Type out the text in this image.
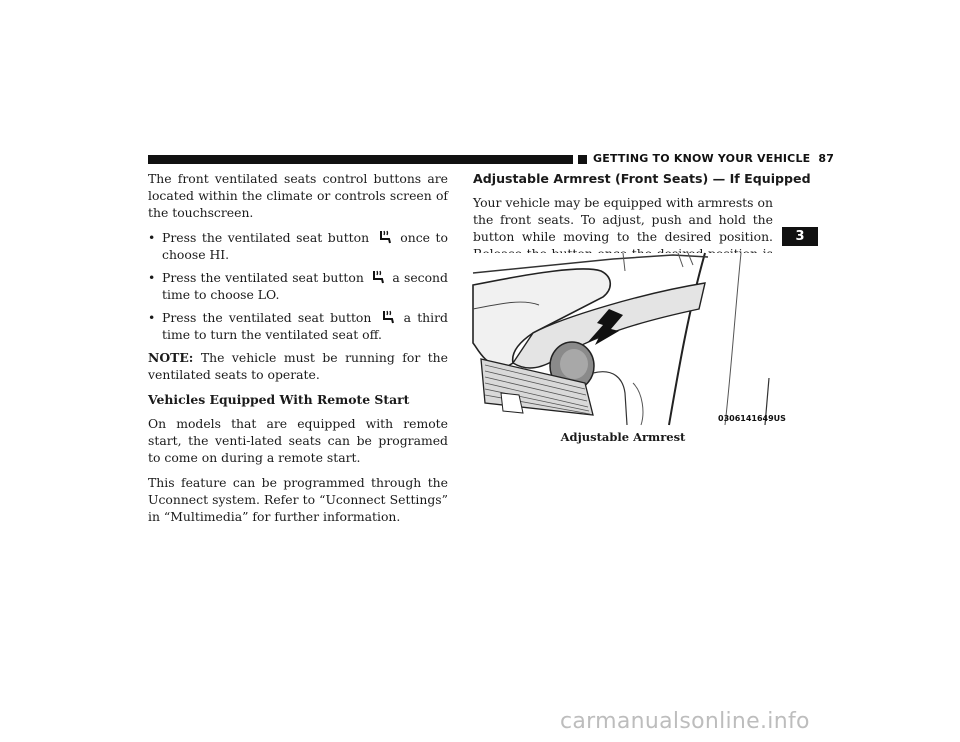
GETTING TO KNOW YOUR VEHICLE 87
3

The front ventilated seats control buttons are located within the climate or controls screen of the touchscreen.

• Press the ventilated seat button	once to choose HI.
• Press the ventilated seat button a second time to choose LO.
• Press the ventilated seat button	a third time to turn the ventilated seat off.

NOTE: The vehicle must be running for the ventilated seats to operate.

Vehicles Equipped With Remote Start

On models that are equipped with remote start, the venti-lated seats can be programed to come on during a remote start.

This feature can be programmed through the Uconnect system. Refer to “Uconnect Settings” in “Multimedia” for further information.

Adjustable Armrest (Front Seats) — If Equipped

Your vehicle may be equipped with armrests on the front seats. To adjust, push and hold the button while moving to the desired position.

0306141649US
Adjustable Armrest
carmanualsonline.info
